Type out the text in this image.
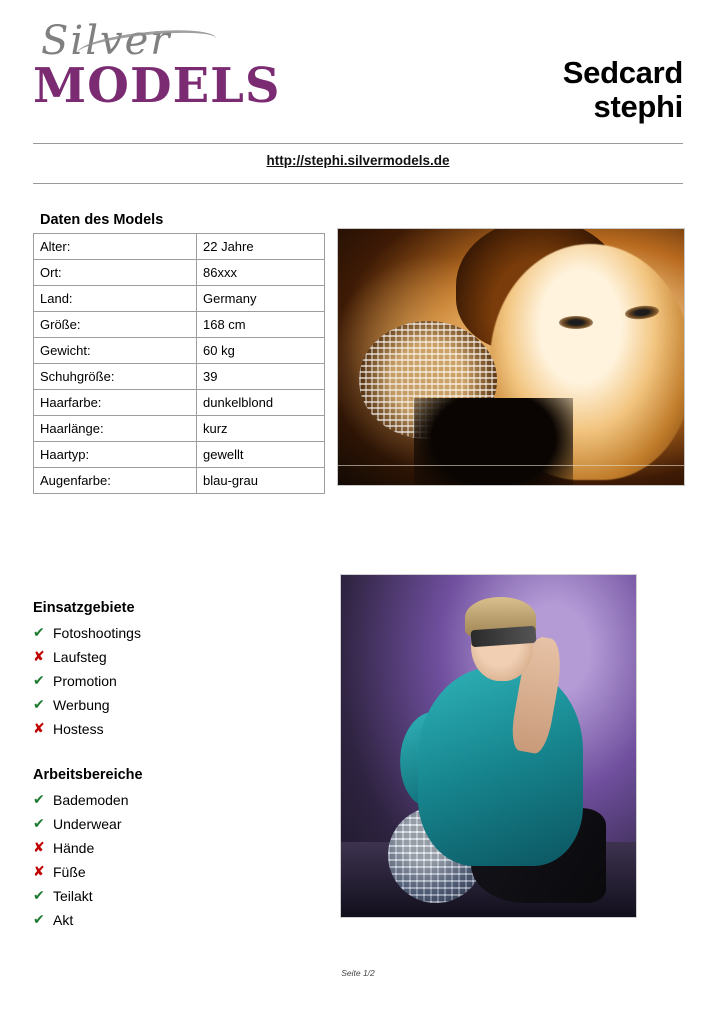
Silver
MODELS	Sedcard
stephi
http://stephi.silvermodels.de
Daten des Models
Alter:	22 Jahre
Ort:	86xxx
Land:	Germany
Größe:	168 cm
Gewicht:	60 kg
Schuhgröße:	39
Haarfarbe:	dunkelblond
Haarlänge:	kurz
Haartyp:	gewellt
Augenfarbe:	blau-grau
Einsatzgebiete
✔ Fotoshootings
✘ Laufsteg
✔ Promotion
✔ Werbung
✘ Hostess
Arbeitsbereiche
✔ Bademoden
✔ Underwear
✘ Hände
✘ Füße
✔ Teilakt
✔ Akt
Seite 1/2
